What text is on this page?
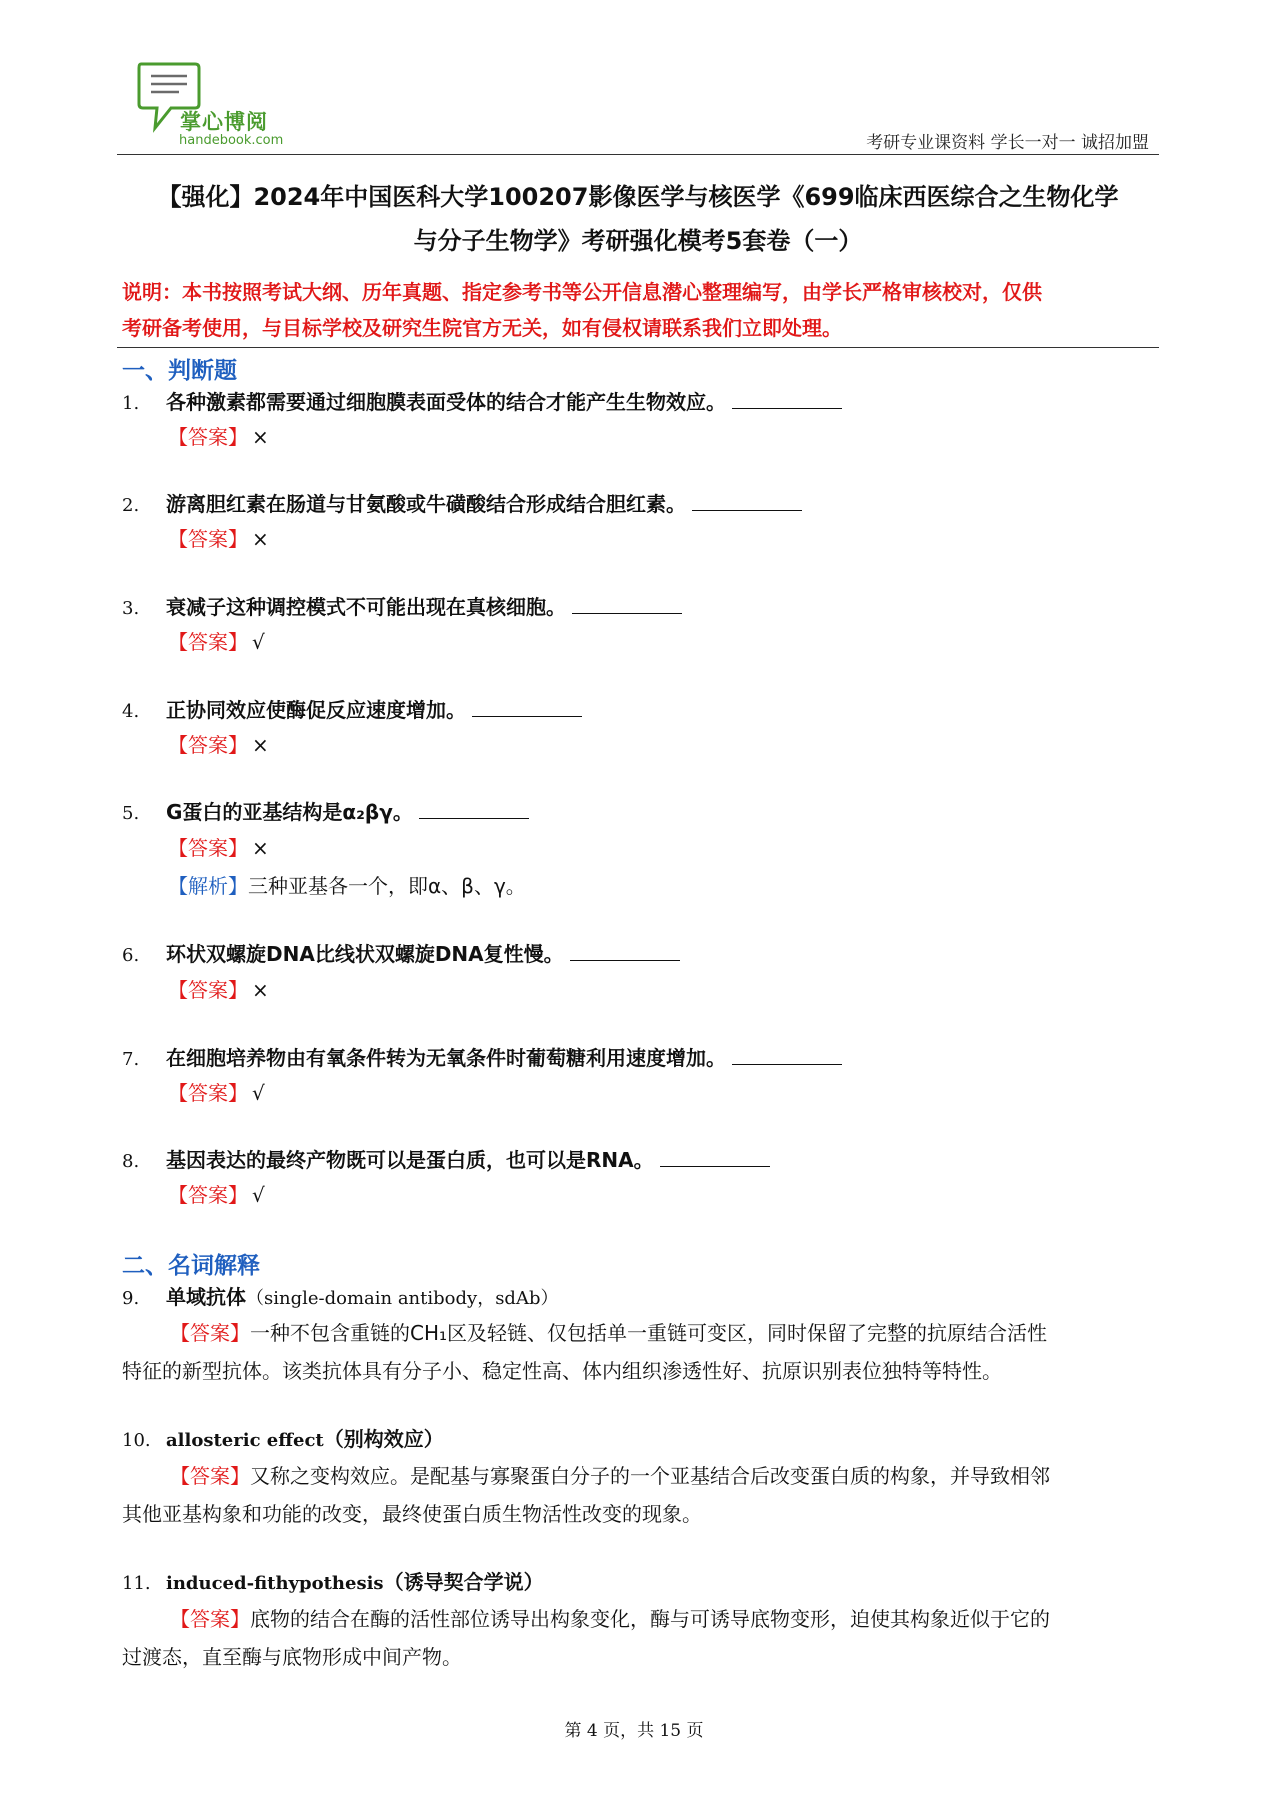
掌心博阅
handebook.com	考研专业课资料 学长一对一 诚招加盟
【强化】2024年中国医科大学100207影像医学与核医学《699临床西医综合之生物化学
与分子生物学》考研强化模考5套卷（一）
说明：本书按照考试大纲、历年真题、指定参考书等公开信息潜心整理编写，由学长严格审核校对，仅供
考研备考使用，与目标学校及研究生院官方无关，如有侵权请联系我们立即处理。
一、判断题
1. 各种激素都需要通过细胞膜表面受体的结合才能产生生物效应。
【答案】 ×
2. 游离胆红素在肠道与甘氨酸或牛磺酸结合形成结合胆红素。
【答案】 ×
3. 衰减子这种调控模式不可能出现在真核细胞。
【答案】 √
4. 正协同效应使酶促反应速度增加。
【答案】 ×
5. G蛋白的亚基结构是α₂βγ。
【答案】 ×
【解析】三种亚基各一个，即α、β、γ。
6. 环状双螺旋DNA比线状双螺旋DNA复性慢。
【答案】 ×
7. 在细胞培养物由有氧条件转为无氧条件时葡萄糖利用速度增加。
【答案】 √
8. 基因表达的最终产物既可以是蛋白质，也可以是RNA。
【答案】 √
二、名词解释
9. 单域抗体（single-domain antibody，sdAb）
【答案】一种不包含重链的CH₁区及轻链、仅包括单一重链可变区，同时保留了完整的抗原结合活性
特征的新型抗体。该类抗体具有分子小、稳定性高、体内组织渗透性好、抗原识别表位独特等特性。
10. allosteric effect（别构效应）
【答案】又称之变构效应。是配基与寡聚蛋白分子的一个亚基结合后改变蛋白质的构象，并导致相邻
其他亚基构象和功能的改变，最终使蛋白质生物活性改变的现象。
11. induced-fithypothesis（诱导契合学说）
【答案】底物的结合在酶的活性部位诱导出构象变化，酶与可诱导底物变形，迫使其构象近似于它的
过渡态，直至酶与底物形成中间产物。
第 4 页，共 15 页
